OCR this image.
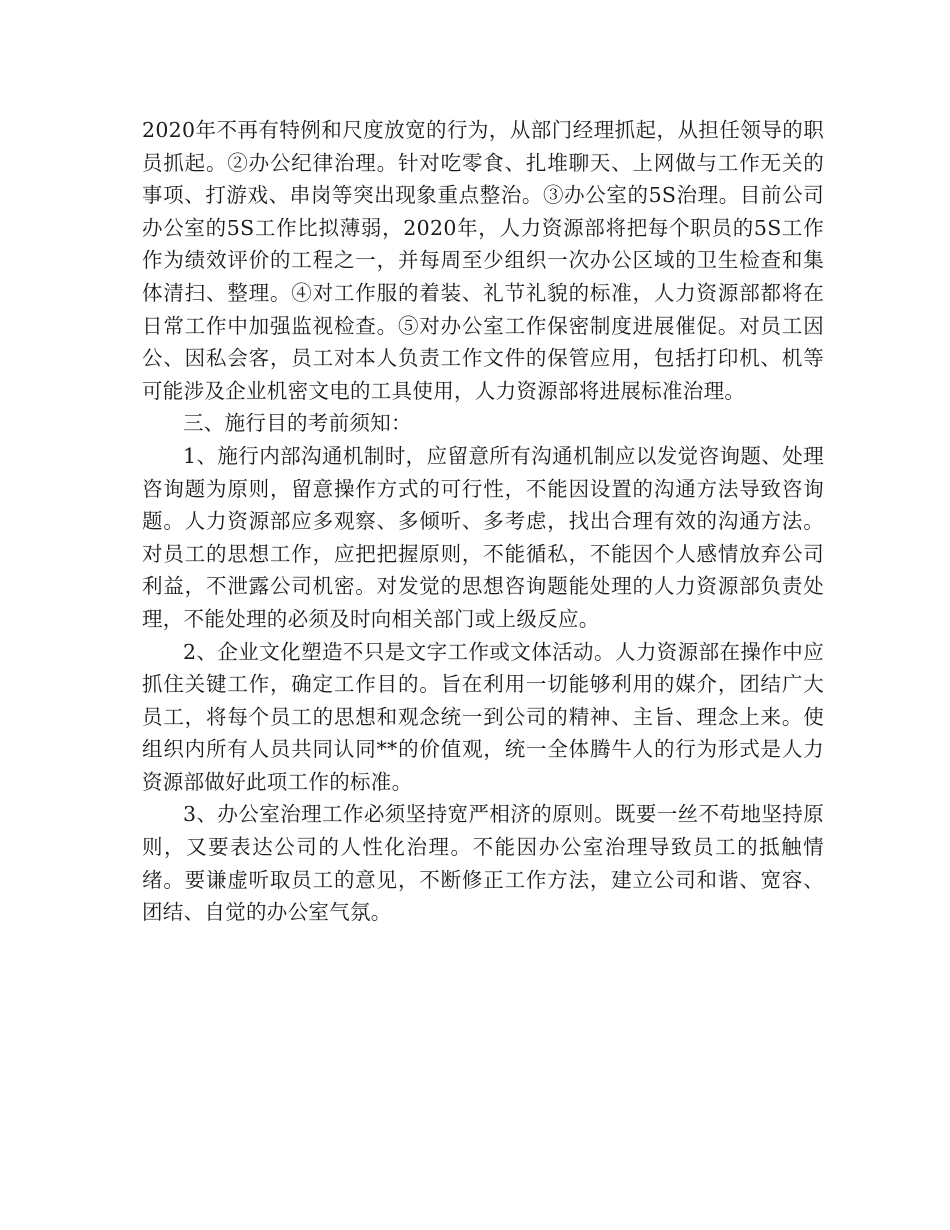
2020年不再有特例和尺度放宽的行为，从部门经理抓起，从担任领导的职员抓起。②办公纪律治理。针对吃零食、扎堆聊天、上网做与工作无关的事项、打游戏、串岗等突出现象重点整治。③办公室的5S治理。目前公司办公室的5S工作比拟薄弱，2020年，人力资源部将把每个职员的5S工作作为绩效评价的工程之一，并每周至少组织一次办公区域的卫生检查和集体清扫、整理。④对工作服的着装、礼节礼貌的标准，人力资源部都将在日常工作中加强监视检查。⑤对办公室工作保密制度进展催促。对员工因公、因私会客，员工对本人负责工作文件的保管应用，包括打印机、机等可能涉及企业机密文电的工具使用，人力资源部将进展标准治理。

三、施行目的考前须知：

1、施行内部沟通机制时，应留意所有沟通机制应以发觉咨询题、处理咨询题为原则，留意操作方式的可行性，不能因设置的沟通方法导致咨询题。人力资源部应多观察、多倾听、多考虑，找出合理有效的沟通方法。对员工的思想工作，应把把握原则，不能循私，不能因个人感情放弃公司利益，不泄露公司机密。对发觉的思想咨询题能处理的人力资源部负责处理，不能处理的必须及时向相关部门或上级反应。

2、企业文化塑造不只是文字工作或文体活动。人力资源部在操作中应抓住关键工作，确定工作目的。旨在利用一切能够利用的媒介，团结广大员工，将每个员工的思想和观念统一到公司的精神、主旨、理念上来。使组织内所有人员共同认同**的价值观，统一全体腾牛人的行为形式是人力资源部做好此项工作的标准。

3、办公室治理工作必须坚持宽严相济的原则。既要一丝不苟地坚持原则，又要表达公司的人性化治理。不能因办公室治理导致员工的抵触情绪。要谦虚听取员工的意见，不断修正工作方法，建立公司和谐、宽容、团结、自觉的办公室气氛。
